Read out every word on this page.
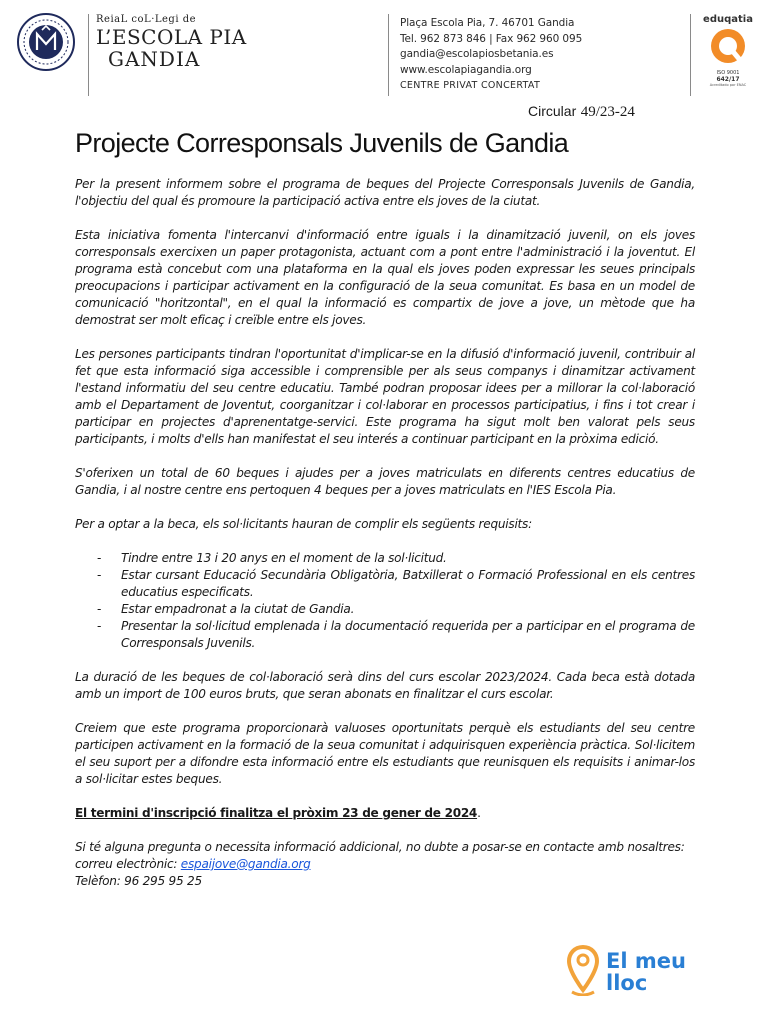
ReiaL coL·Legi de
L’ESCOLA PIA
GANDIA
Plaça Escola Pia, 7. 46701 Gandia
Tel. 962 873 846 | Fax 962 960 095
gandia@escolapiosbetania.es
www.escolapiagandia.org
CENTRE PRIVAT CONCERTAT
eduqatia
ISO 9001
642/17
Acreditado por ENAC
Circular 49/23-24
Projecte Corresponsals Juvenils de Gandia

Per la present informem sobre el programa de beques del Projecte Corresponsals Juvenils de Gandia, l'objectiu del qual és promoure la participació activa entre els joves de la ciutat.

Esta iniciativa fomenta l'intercanvi d'informació entre iguals i la dinamització juvenil, on els joves corresponsals exercixen un paper protagonista, actuant com a pont entre l'administració i la joventut. El programa està concebut com una plataforma en la qual els joves poden expressar les seues principals preocupacions i participar activament en la configuració de la seua comunitat. Es basa en un model de comunicació "horitzontal", en el qual la informació es compartix de jove a jove, un mètode que ha demostrat ser molt eficaç i creïble entre els joves.

Les persones participants tindran l'oportunitat d'implicar-se en la difusió d'informació juvenil, contribuir al fet que esta informació siga accessible i comprensible per als seus companys i dinamitzar activament l'estand informatiu del seu centre educatiu. També podran proposar idees per a millorar la col·laboració amb el Departament de Joventut, coorganitzar i col·laborar en processos participatius, i fins i tot crear i participar en projectes d'aprenentatge-servici. Este programa ha sigut molt ben valorat pels seus participants, i molts d'ells han manifestat el seu interés a continuar participant en la pròxima edició.

S'oferixen un total de 60 beques i ajudes per a joves matriculats en diferents centres educatius de Gandia, i al nostre centre ens pertoquen 4 beques per a joves matriculats en l'IES Escola Pia.

Per a optar a la beca, els sol·licitants hauran de complir els següents requisits:

- Tindre entre 13 i 20 anys en el moment de la sol·licitud.
- Estar cursant Educació Secundària Obligatòria, Batxillerat o Formació Professional en els centres educatius especificats.
- Estar empadronat a la ciutat de Gandia.
- Presentar la sol·licitud emplenada i la documentació requerida per a participar en el programa de Corresponsals Juvenils.

La duració de les beques de col·laboració serà dins del curs escolar 2023/2024. Cada beca està dotada amb un import de 100 euros bruts, que seran abonats en finalitzar el curs escolar.

Creiem que este programa proporcionarà valuoses oportunitats perquè els estudiants del seu centre participen activament en la formació de la seua comunitat i adquirisquen experiència pràctica. Sol·licitem el seu suport per a difondre esta informació entre els estudiants que reunisquen els requisits i animar-los a sol·licitar estes beques.

El termini d'inscripció finalitza el pròxim 23 de gener de 2024.

Si té alguna pregunta o necessita informació addicional, no dubte a posar-se en contacte amb nosaltres:
correu electrònic: espaijove@gandia.org
Telèfon: 96 295 95 25

El meu
lloc
